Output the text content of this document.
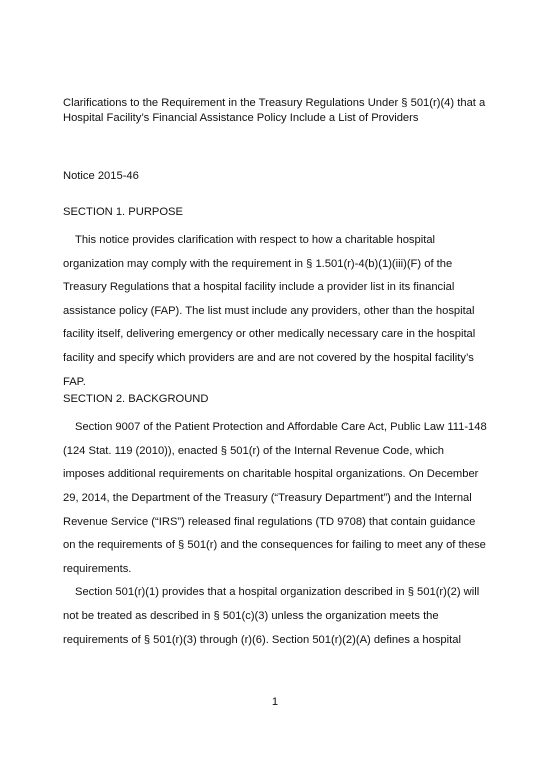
Clarifications to the Requirement in the Treasury Regulations Under § 501(r)(4) that a
Hospital Facility’s Financial Assistance Policy Include a List of Providers

Notice 2015-46

SECTION 1. PURPOSE

This notice provides clarification with respect to how a charitable hospital organization may comply with the requirement in § 1.501(r)-4(b)(1)(iii)(F) of the Treasury Regulations that a hospital facility include a provider list in its financial assistance policy (FAP). The list must include any providers, other than the hospital facility itself, delivering emergency or other medically necessary care in the hospital facility and specify which providers are and are not covered by the hospital facility’s FAP.

SECTION 2. BACKGROUND

Section 9007 of the Patient Protection and Affordable Care Act, Public Law 111-148 (124 Stat. 119 (2010)), enacted § 501(r) of the Internal Revenue Code, which imposes additional requirements on charitable hospital organizations. On December 29, 2014, the Department of the Treasury (“Treasury Department”) and the Internal Revenue Service (“IRS”) released final regulations (TD 9708) that contain guidance on the requirements of § 501(r) and the consequences for failing to meet any of these requirements.

Section 501(r)(1) provides that a hospital organization described in § 501(r)(2) will not be treated as described in § 501(c)(3) unless the organization meets the requirements of § 501(r)(3) through (r)(6). Section 501(r)(2)(A) defines a hospital

1
